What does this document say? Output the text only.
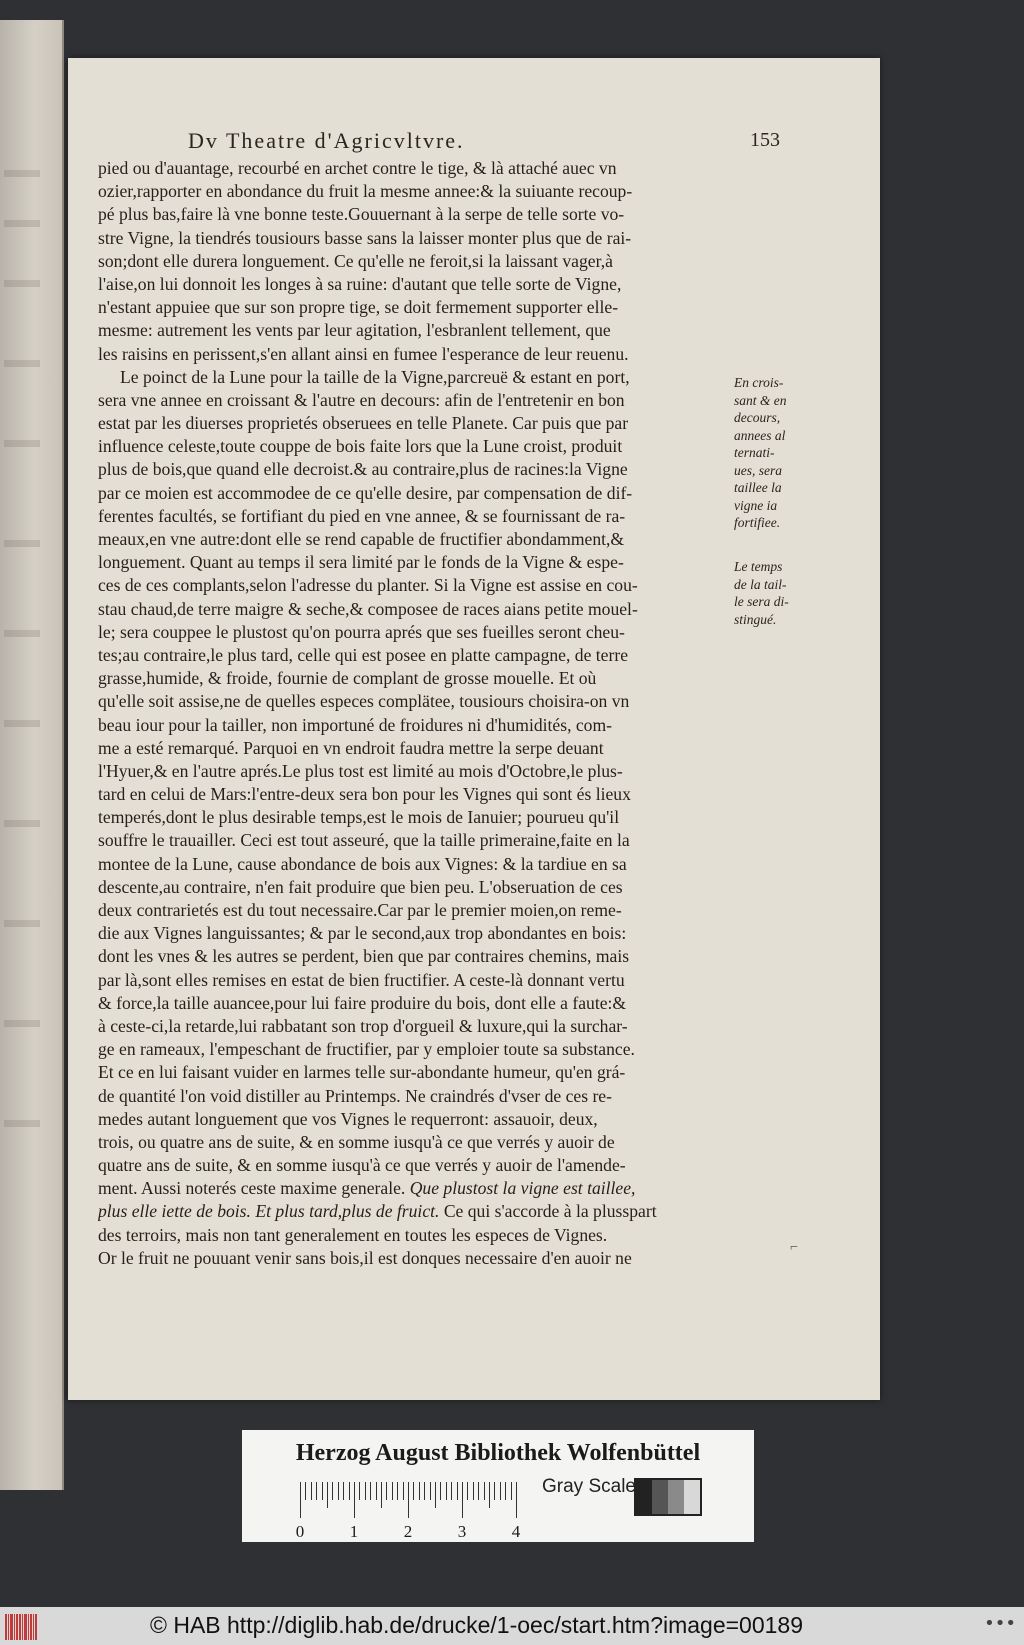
Dv Theatre d'Agricvltvre.	153
pied ou d'auantage, recourbé en archet contre le tige, & là attaché auec vn
ozier,rapporter en abondance du fruit la mesme annee:& la suiuante recoup-
pé plus bas,faire là vne bonne teste.Gouuernant à la serpe de telle sorte vo-
stre Vigne, la tiendrés tousiours basse sans la laisser monter plus que de rai-
son;dont elle durera longuement. Ce qu'elle ne feroit,si la laissant vager,à
l'aise,on lui donnoit les longes à sa ruine: d'autant que telle sorte de Vigne,
n'estant appuiee que sur son propre tige, se doit fermement supporter elle-
mesme: autrement les vents par leur agitation, l'esbranlent tellement, que
les raisins en perissent,s'en allant ainsi en fumee l'esperance de leur reuenu.
Le poinct de la Lune pour la taille de la Vigne,parcreuë & estant en port,
sera vne annee en croissant & l'autre en decours: afin de l'entretenir en bon
estat par les diuerses proprietés obseruees en telle Planete. Car puis que par
influence celeste,toute couppe de bois faite lors que la Lune croist, produit
plus de bois,que quand elle decroist.& au contraire,plus de racines:la Vigne
par ce moien est accommodee de ce qu'elle desire, par compensation de dif-
ferentes facultés, se fortifiant du pied en vne annee, & se fournissant de ra-
meaux,en vne autre:dont elle se rend capable de fructifier abondamment,&
longuement. Quant au temps il sera limité par le fonds de la Vigne & espe-
ces de ces complants,selon l'adresse du planter. Si la Vigne est assise en cou-
stau chaud,de terre maigre & seche,& composee de races aians petite mouel-
le; sera couppee le plustost qu'on pourra aprés que ses fueilles seront cheu-
tes;au contraire,le plus tard, celle qui est posee en platte campagne, de terre
grasse,humide, & froide, fournie de complant de grosse mouelle. Et où
qu'elle soit assise,ne de quelles especes complätee, tousiours choisira-on vn
beau iour pour la tailler, non importuné de froidures ni d'humidités, com-
me a esté remarqué. Parquoi en vn endroit faudra mettre la serpe deuant
l'Hyuer,& en l'autre aprés.Le plus tost est limité au mois d'Octobre,le plus-
tard en celui de Mars:l'entre-deux sera bon pour les Vignes qui sont és lieux
temperés,dont le plus desirable temps,est le mois de Ianuier; pourueu qu'il
souffre le trauailler. Ceci est tout asseuré, que la taille primeraine,faite en la
montee de la Lune, cause abondance de bois aux Vignes: & la tardiue en sa
descente,au contraire, n'en fait produire que bien peu. L'obseruation de ces
deux contrarietés est du tout necessaire.Car par le premier moien,on reme-
die aux Vignes languissantes; & par le second,aux trop abondantes en bois:
dont les vnes & les autres se perdent, bien que par contraires chemins, mais
par là,sont elles remises en estat de bien fructifier. A ceste-là donnant vertu
& force,la taille auancee,pour lui faire produire du bois, dont elle a faute:&
à ceste-ci,la retarde,lui rabbatant son trop d'orgueil & luxure,qui la surchar-
ge en rameaux, l'empeschant de fructifier, par y emploier toute sa substance.
Et ce en lui faisant vuider en larmes telle sur-abondante humeur, qu'en grá-
de quantité l'on void distiller au Printemps. Ne craindrés d'vser de ces re-
medes autant longuement que vos Vignes le requerront: assauoir, deux,
trois, ou quatre ans de suite, & en somme iusqu'à ce que verrés y auoir de
quatre ans de suite, & en somme iusqu'à ce que verrés y auoir de l'amende-
ment. Aussi noterés ceste maxime generale. Que plustost la vigne est taillee,
plus elle iette de bois. Et plus tard,plus de fruict. Ce qui s'accorde à la plusspart
des terroirs, mais non tant generalement en toutes les especes de Vignes.
Or le fruit ne pouuant venir sans bois,il est donques necessaire d'en auoir ne
En crois-
sant & en
decours,
annees al
ternati-
ues, sera
taillee la
vigne ia
fortifiee.
Le temps
de la tail-
le sera di-
stingué.
⌐
Herzog August Bibliothek Wolfenbüttel
0	1	2	3	4
Gray Scale
© HAB http://diglib.hab.de/drucke/1-oec/start.htm?image=00189	•••
